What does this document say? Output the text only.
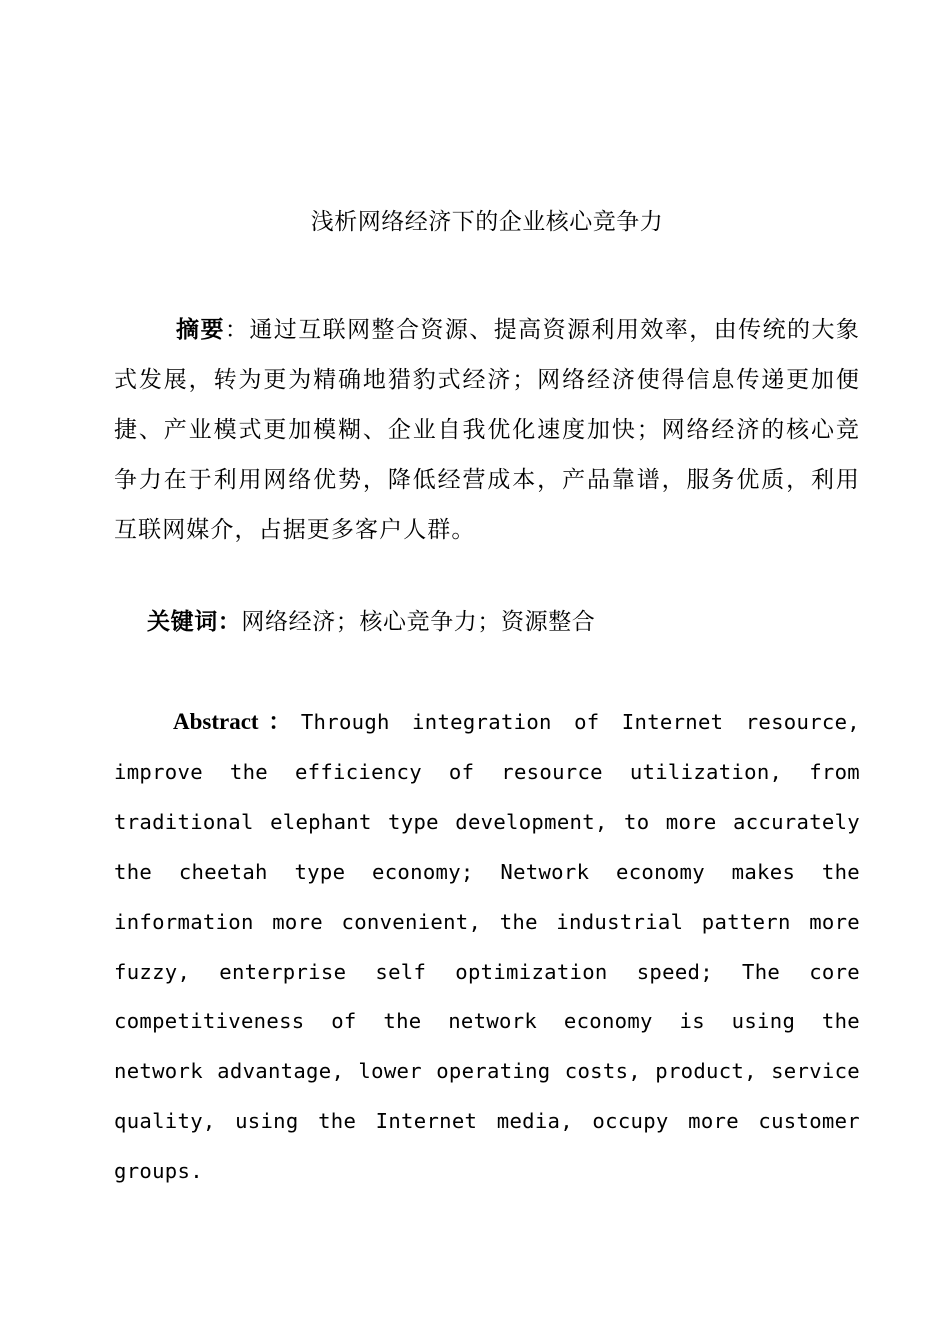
浅析网络经济下的企业核心竞争力

摘要：通过互联网整合资源、提高资源利用效率，由传统的大象式发展，转为更为精确地猎豹式经济；网络经济使得信息传递更加便捷、产业模式更加模糊、企业自我优化速度加快；网络经济的核心竞争力在于利用网络优势，降低经营成本，产品靠谱，服务优质，利用互联网媒介，占据更多客户人群。

关键词：网络经济；核心竞争力；资源整合

Abstract：Through integration of Internet resource, improve the efficiency of resource utilization, from traditional elephant type development, to more accurately the cheetah type economy; Network economy makes the information more convenient, the industrial pattern more fuzzy, enterprise self optimization speed; The core competitiveness of the network economy is using the network advantage, lower operating costs, product, service quality, using the Internet media, occupy more customer groups.
